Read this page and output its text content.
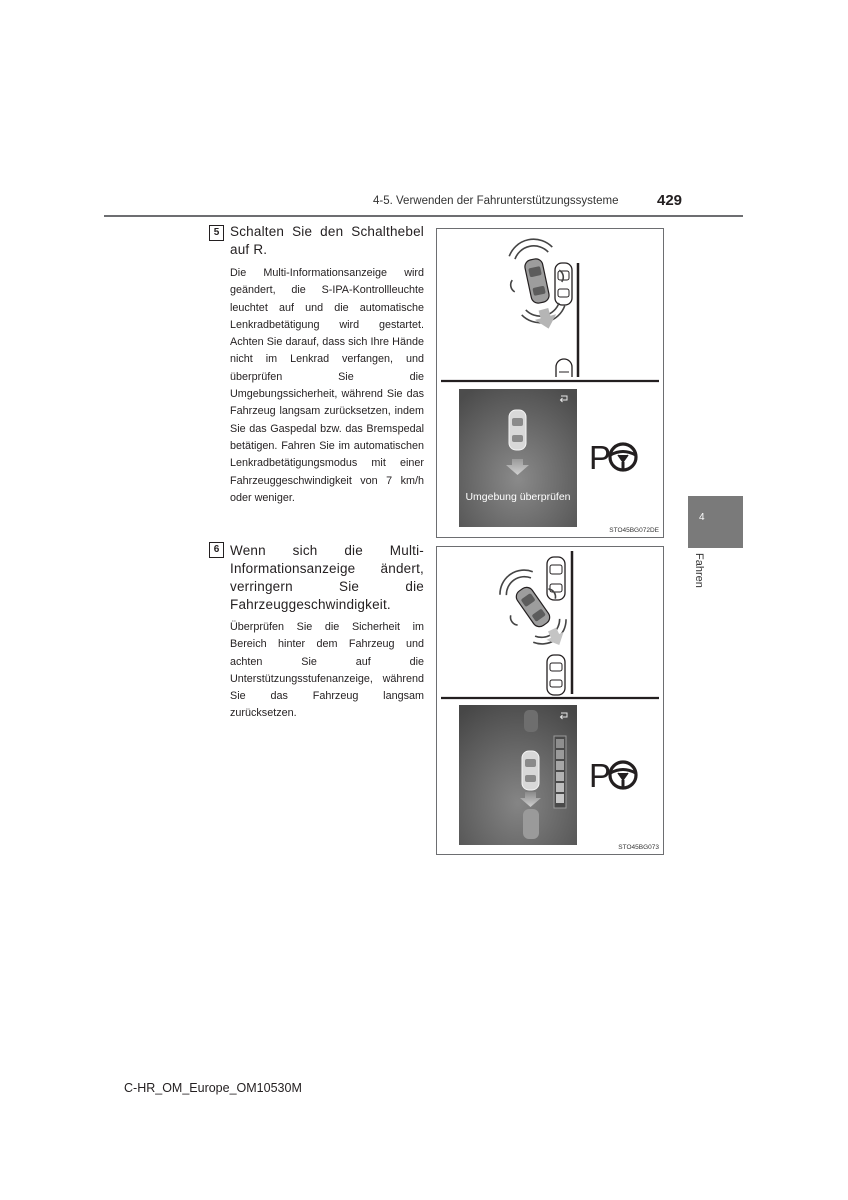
4-5. Verwenden der Fahrunterstützungssysteme	429
4
Fahren
5 Schalten Sie den Schalthebel auf R.
Die Multi-Informationsanzeige wird geändert, die S-IPA-Kontrollleuchte leuchtet auf und die automatische Lenkradbetätigung wird gestartet. Achten Sie darauf, dass sich Ihre Hände nicht im Lenkrad verfangen, und überprüfen Sie die Umgebungssicherheit, während Sie das Fahrzeug langsam zurücksetzen, indem Sie das Gaspedal bzw. das Bremspedal betätigen. Fahren Sie im automatischen Lenkradbetätigungsmodus mit einer Fahrzeuggeschwindigkeit von 7 km/h oder weniger.
6 Wenn sich die Multi-Informationsanzeige ändert, verringern Sie die Fahrzeuggeschwindigkeit.
Überprüfen Sie die Sicherheit im Bereich hinter dem Fahrzeug und achten Sie auf die Unterstützungsstufenanzeige, während Sie das Fahrzeug langsam zurücksetzen.
Umgebung überprüfen
P
STO45BG072DE
P
STO45BG073
C-HR_OM_Europe_OM10530M
